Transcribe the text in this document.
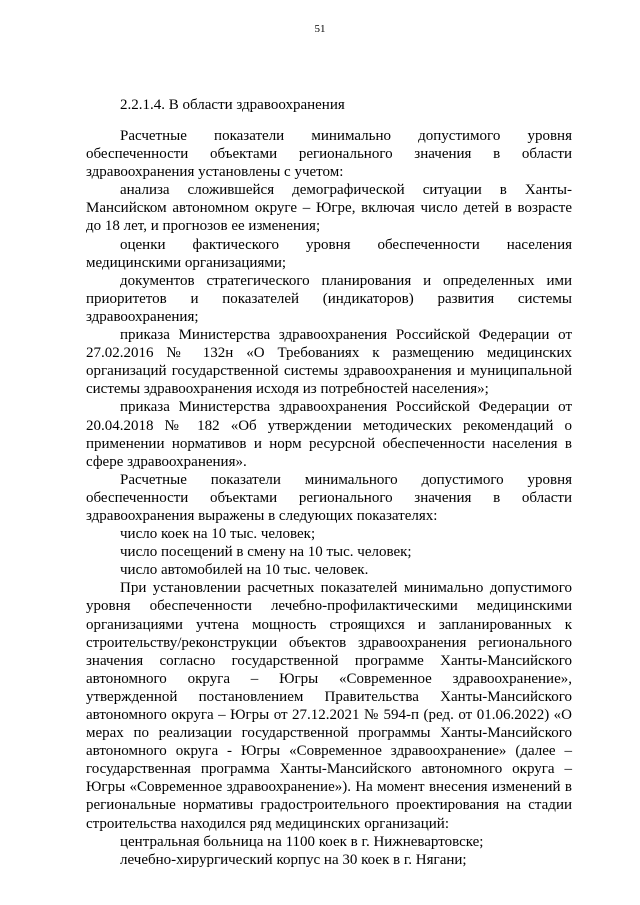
51
2.2.1.4. В области здравоохранения

Расчетные показатели минимально допустимого уровня обеспеченности объектами регионального значения в области здравоохранения установлены с учетом:

анализа сложившейся демографической ситуации в Ханты-Мансийском автономном округе – Югре, включая число детей в возрасте до 18 лет, и прогнозов ее изменения;

оценки фактического уровня обеспеченности населения медицинскими организациями;

документов стратегического планирования и определенных ими приоритетов и показателей (индикаторов) развития системы здравоохранения;

приказа Министерства здравоохранения Российской Федерации от 27.02.2016 № 132н «О Требованиях к размещению медицинских организаций государственной системы здравоохранения и муниципальной системы здравоохранения исходя из потребностей населения»;

приказа Министерства здравоохранения Российской Федерации от 20.04.2018 № 182 «Об утверждении методических рекомендаций о применении нормативов и норм ресурсной обеспеченности населения в сфере здравоохранения».

Расчетные показатели минимального допустимого уровня обеспеченности объектами регионального значения в области здравоохранения выражены в следующих показателях:

число коек на 10 тыс. человек;

число посещений в смену на 10 тыс. человек;

число автомобилей на 10 тыс. человек.

При установлении расчетных показателей минимально допустимого уровня обеспеченности лечебно-профилактическими медицинскими организациями учтена мощность строящихся и запланированных к строительству/реконструкции объектов здравоохранения регионального значения согласно государственной программе Ханты-Мансийского автономного округа – Югры «Современное здравоохранение», утвержденной постановлением Правительства Ханты-Мансийского автономного округа – Югры от 27.12.2021 № 594-п (ред. от 01.06.2022) «О мерах по реализации государственной программы Ханты-Мансийского автономного округа - Югры «Современное здравоохранение» (далее – государственная программа Ханты-Мансийского автономного округа – Югры «Современное здравоохранение»). На момент внесения изменений в региональные нормативы градостроительного проектирования на стадии строительства находился ряд медицинских организаций:

центральная больница на 1100 коек в г. Нижневартовске;

лечебно-хирургический корпус на 30 коек в г. Нягани;
